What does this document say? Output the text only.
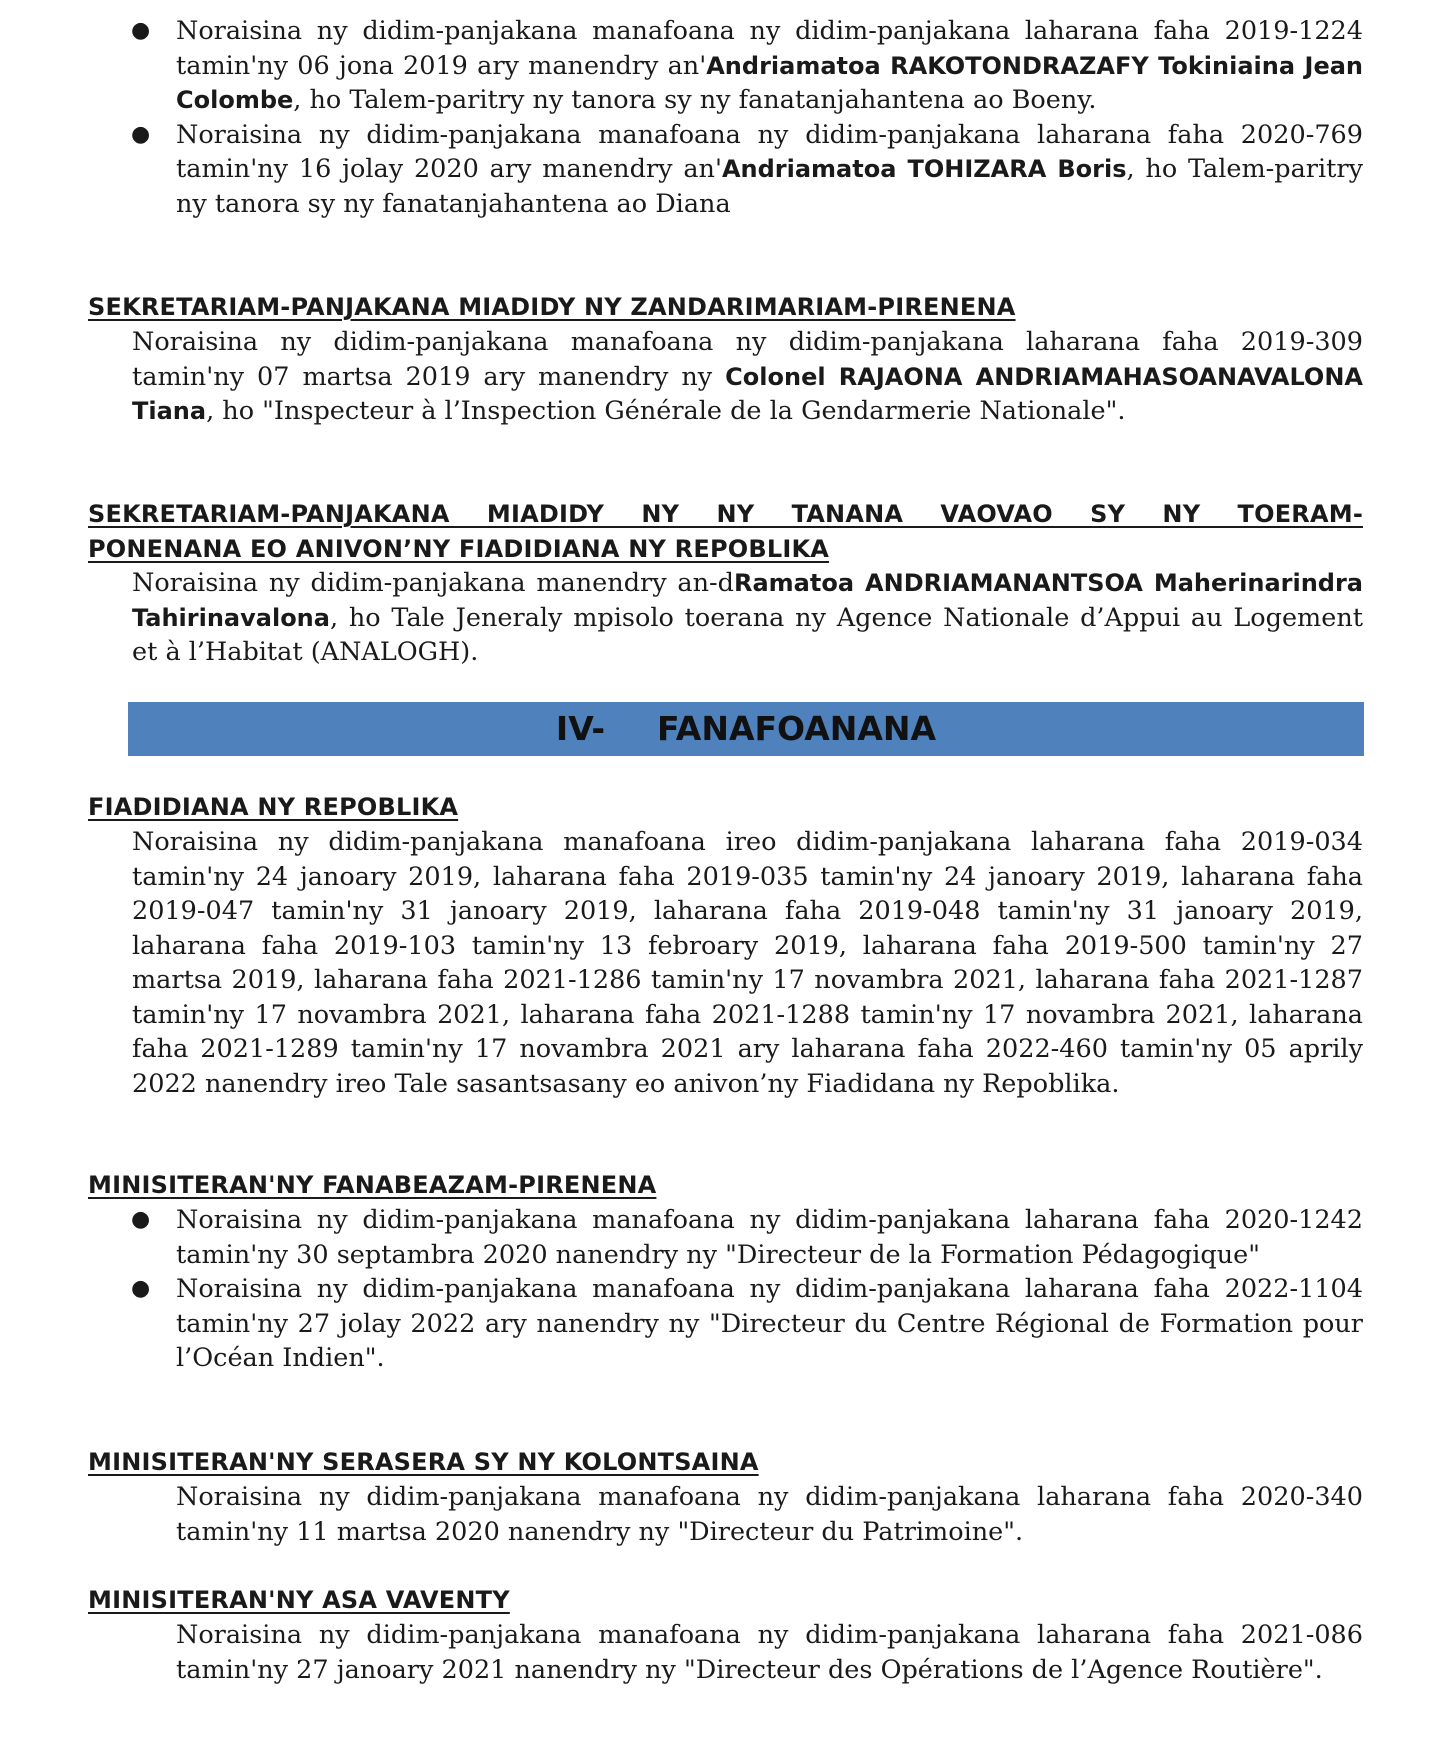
● Noraisina ny didim-panjakana manafoana ny didim-panjakana laharana faha 2019-1224 tamin'ny 06 jona 2019 ary manendry an'Andriamatoa RAKOTONDRAZAFY Tokiniaina Jean Colombe, ho Talem-paritry ny tanora sy ny fanatanjahantena ao Boeny.
● Noraisina ny didim-panjakana manafoana ny didim-panjakana laharana faha 2020-769 tamin'ny 16 jolay 2020 ary manendry an'Andriamatoa TOHIZARA Boris, ho Talem-paritry ny tanora sy ny fanatanjahantena ao Diana
SEKRETARIAM-PANJAKANA MIADIDY NY ZANDARIMARIAM-PIRENENA
Noraisina ny didim-panjakana manafoana ny didim-panjakana laharana faha 2019-309 tamin'ny 07 martsa 2019 ary manendry ny Colonel RAJAONA ANDRIAMAHASOANAVALONA Tiana, ho "Inspecteur à l’Inspection Générale de la Gendarmerie Nationale".
SEKRETARIAM-PANJAKANA MIADIDY NY NY TANANA VAOVAO SY NY TOERAM-
PONENANA EO ANIVON’NY FIADIDIANA NY REPOBLIKA
Noraisina ny didim-panjakana manendry an-dRamatoa ANDRIAMANANTSOA Maherinarindra Tahirinavalona, ho Tale Jeneraly mpisolo toerana ny Agence Nationale d’Appui au Logement et à l’Habitat (ANALOGH).
IV- FANAFOANANA
FIADIDIANA NY REPOBLIKA
Noraisina ny didim-panjakana manafoana ireo didim-panjakana laharana faha 2019-034 tamin'ny 24 janoary 2019, laharana faha 2019-035 tamin'ny 24 janoary 2019, laharana faha 2019-047 tamin'ny 31 janoary 2019, laharana faha 2019-048 tamin'ny 31 janoary 2019, laharana faha 2019-103 tamin'ny 13 febroary 2019, laharana faha 2019-500 tamin'ny 27 martsa 2019, laharana faha 2021-1286 tamin'ny 17 novambra 2021, laharana faha 2021-1287 tamin'ny 17 novambra 2021, laharana faha 2021-1288 tamin'ny 17 novambra 2021, laharana faha 2021-1289 tamin'ny 17 novambra 2021 ary laharana faha 2022-460 tamin'ny 05 aprily 2022 nanendry ireo Tale sasantsasany eo anivon’ny Fiadidana ny Repoblika.
MINISITERAN'NY FANABEAZAM-PIRENENA
● Noraisina ny didim-panjakana manafoana ny didim-panjakana laharana faha 2020-1242 tamin'ny 30 septambra 2020 nanendry ny "Directeur de la Formation Pédagogique"
● Noraisina ny didim-panjakana manafoana ny didim-panjakana laharana faha 2022-1104 tamin'ny 27 jolay 2022 ary nanendry ny "Directeur du Centre Régional de Formation pour l’Océan Indien".
MINISITERAN'NY SERASERA SY NY KOLONTSAINA
Noraisina ny didim-panjakana manafoana ny didim-panjakana laharana faha 2020-340 tamin'ny 11 martsa 2020 nanendry ny "Directeur du Patrimoine".
MINISITERAN'NY ASA VAVENTY
Noraisina ny didim-panjakana manafoana ny didim-panjakana laharana faha 2021-086 tamin'ny 27 janoary 2021 nanendry ny "Directeur des Opérations de l’Agence Routière".
